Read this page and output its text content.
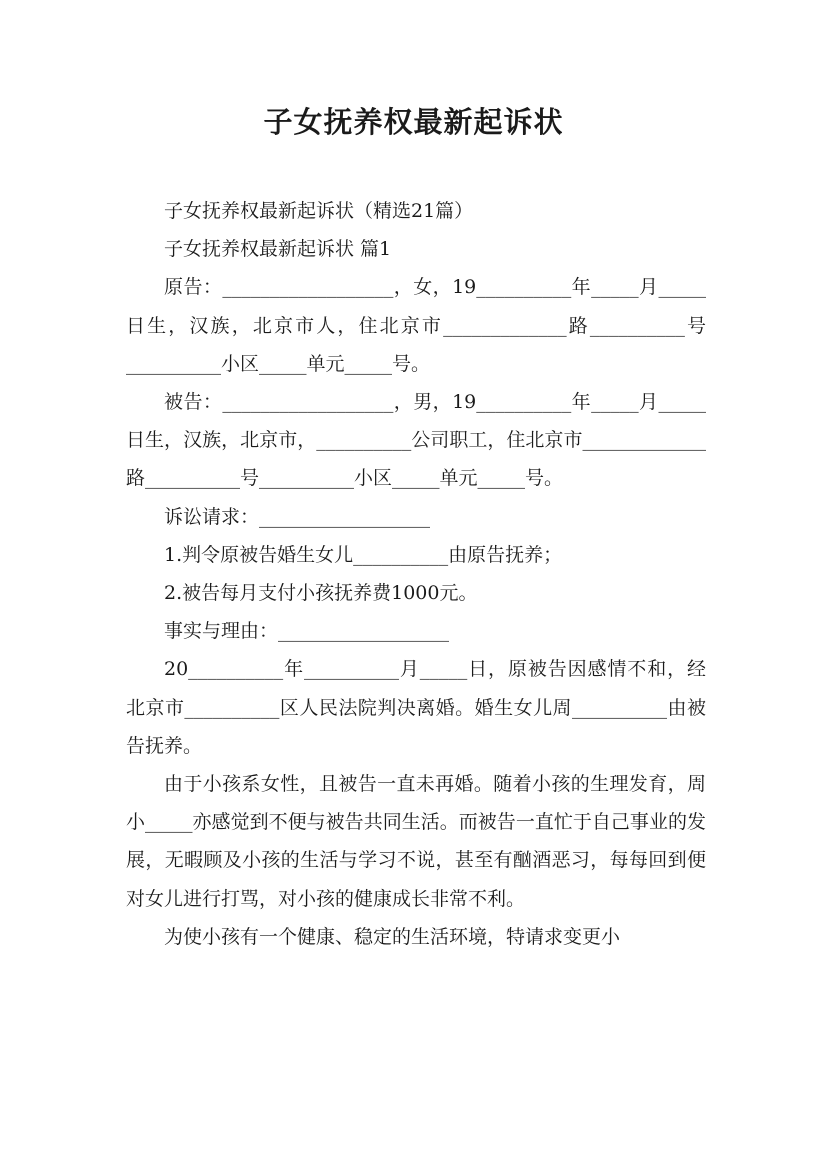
子女抚养权最新起诉状

子女抚养权最新起诉状（精选21篇）

子女抚养权最新起诉状 篇1

原告：__________________，女，19__________年_____月_____日生，汉族，北京市人，住北京市_____________路__________号__________小区_____单元_____号。

被告：__________________，男，19__________年_____月_____日生，汉族，北京市，__________公司职工，住北京市_____________路__________号__________小区_____单元_____号。

诉讼请求：__________________

1.判令原被告婚生女儿__________由原告抚养；

2.被告每月支付小孩抚养费1000元。

事实与理由：__________________

20__________年__________月_____日，原被告因感情不和，经北京市__________区人民法院判决离婚。婚生女儿周__________由被告抚养。

由于小孩系女性，且被告一直未再婚。随着小孩的生理发育，周小_____亦感觉到不便与被告共同生活。而被告一直忙于自己事业的发展，无暇顾及小孩的生活与学习不说，甚至有酗酒恶习，每每回到便对女儿进行打骂，对小孩的健康成长非常不利。

为使小孩有一个健康、稳定的生活环境，特请求变更小
